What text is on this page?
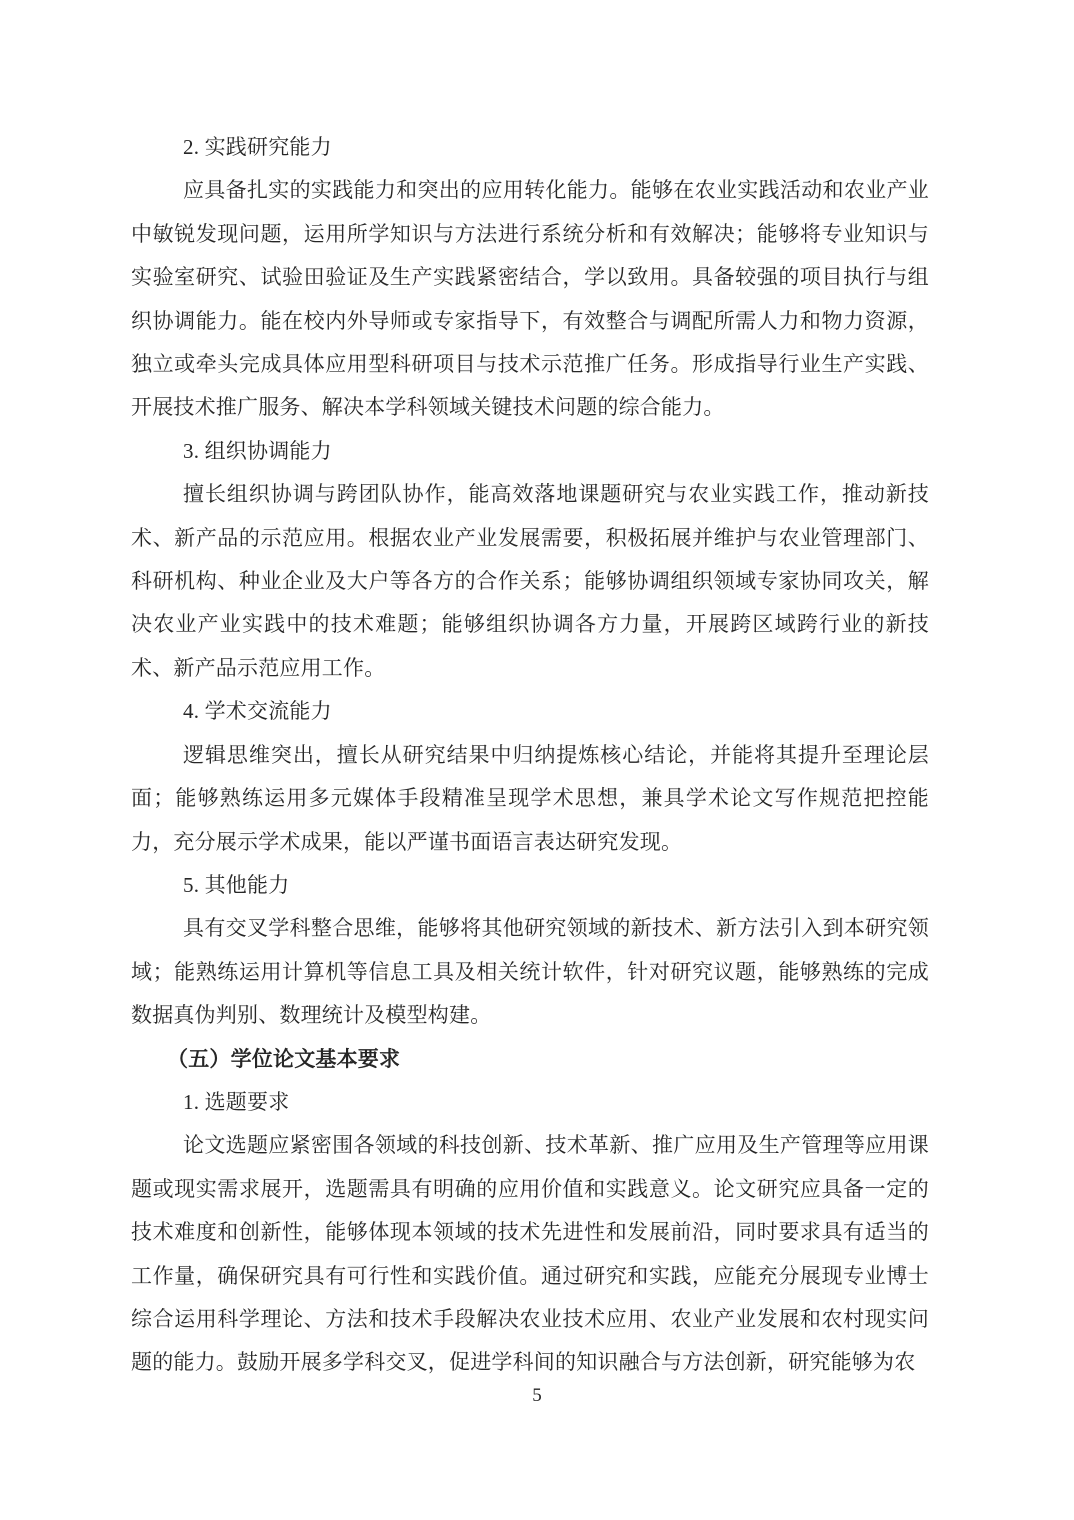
2. 实践研究能力

应具备扎实的实践能力和突出的应用转化能力。能够在农业实践活动和农业产业中敏锐发现问题，运用所学知识与方法进行系统分析和有效解决；能够将专业知识与实验室研究、试验田验证及生产实践紧密结合，学以致用。具备较强的项目执行与组织协调能力。能在校内外导师或专家指导下，有效整合与调配所需人力和物力资源，独立或牵头完成具体应用型科研项目与技术示范推广任务。形成指导行业生产实践、开展技术推广服务、解决本学科领域关键技术问题的综合能力。

3. 组织协调能力

擅长组织协调与跨团队协作，能高效落地课题研究与农业实践工作，推动新技术、新产品的示范应用。根据农业产业发展需要，积极拓展并维护与农业管理部门、科研机构、种业企业及大户等各方的合作关系；能够协调组织领域专家协同攻关，解决农业产业实践中的技术难题；能够组织协调各方力量，开展跨区域跨行业的新技术、新产品示范应用工作。

4. 学术交流能力

逻辑思维突出，擅长从研究结果中归纳提炼核心结论，并能将其提升至理论层面；能够熟练运用多元媒体手段精准呈现学术思想，兼具学术论文写作规范把控能力，充分展示学术成果，能以严谨书面语言表达研究发现。

5. 其他能力

具有交叉学科整合思维，能够将其他研究领域的新技术、新方法引入到本研究领域；能熟练运用计算机等信息工具及相关统计软件，针对研究议题，能够熟练的完成数据真伪判别、数理统计及模型构建。

（五）学位论文基本要求

1. 选题要求

论文选题应紧密围各领域的科技创新、技术革新、推广应用及生产管理等应用课题或现实需求展开，选题需具有明确的应用价值和实践意义。论文研究应具备一定的技术难度和创新性，能够体现本领域的技术先进性和发展前沿，同时要求具有适当的工作量，确保研究具有可行性和实践价值。通过研究和实践，应能充分展现专业博士综合运用科学理论、方法和技术手段解决农业技术应用、农业产业发展和农村现实问题的能力。鼓励开展多学科交叉，促进学科间的知识融合与方法创新，研究能够为农

5
